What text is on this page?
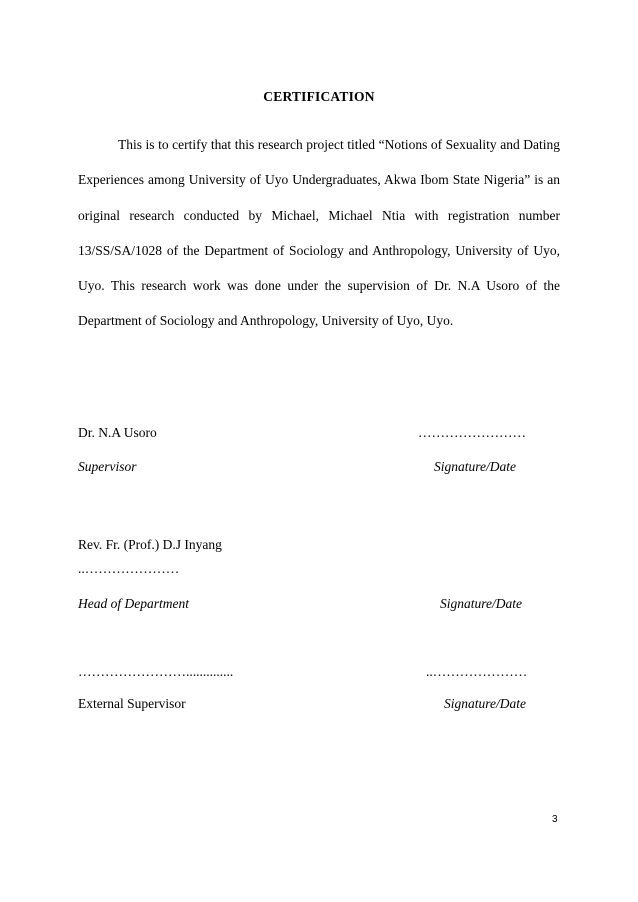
CERTIFICATION

This is to certify that this research project titled “Notions of Sexuality and Dating Experiences among University of Uyo Undergraduates, Akwa Ibom State Nigeria” is an original research conducted by Michael, Michael Ntia with registration number 13/SS/SA/1028 of the Department of Sociology and Anthropology, University of Uyo, Uyo. This research work was done under the supervision of Dr. N.A Usoro of the Department of Sociology and Anthropology, University of Uyo, Uyo.

Dr. N.A Usoro	……………………
Supervisor	Signature/Date
Rev. Fr. (Prof.) D.J Inyang
..…………………
Head of Department	Signature/Date
……………………..............	..…………………
External Supervisor	Signature/Date
3
